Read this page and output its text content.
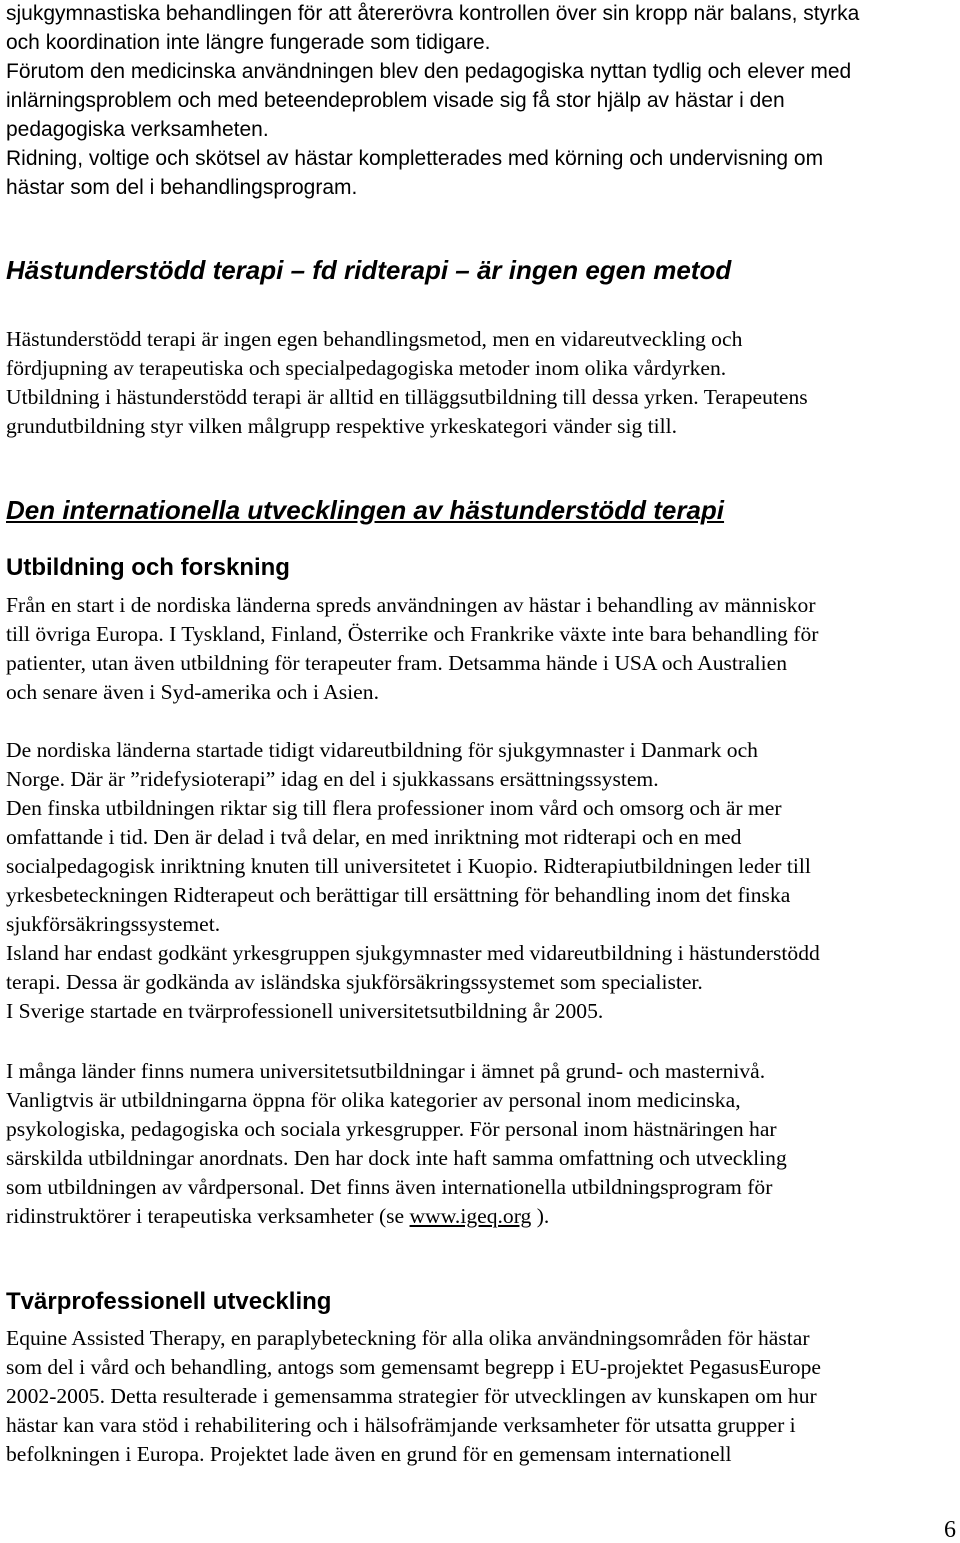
sjukgymnastiska behandlingen för att återerövra kontrollen över sin kropp när balans, styrka
och koordination inte längre fungerade som tidigare.
Förutom den medicinska användningen blev den pedagogiska nyttan tydlig och elever med
inlärningsproblem och med beteendeproblem visade sig få stor hjälp av hästar i den
pedagogiska verksamheten.
Ridning, voltige och skötsel av hästar kompletterades med körning och undervisning om
hästar som del i behandlingsprogram.
Hästunderstödd terapi – fd ridterapi – är ingen egen metod
Hästunderstödd terapi är ingen egen behandlingsmetod, men en vidareutveckling och
fördjupning av terapeutiska och specialpedagogiska metoder inom olika vårdyrken.
Utbildning i hästunderstödd terapi är alltid en tilläggsutbildning till dessa yrken. Terapeutens
grundutbildning styr vilken målgrupp respektive yrkeskategori vänder sig till.
Den internationella utvecklingen av hästunderstödd terapi
Utbildning och forskning
Från en start i de nordiska länderna spreds användningen av hästar i behandling av människor
till övriga Europa. I Tyskland, Finland, Österrike och Frankrike växte inte bara behandling för
patienter, utan även utbildning för terapeuter fram. Detsamma hände i USA och Australien
och senare även i Syd-amerika och i Asien.
De nordiska länderna startade tidigt vidareutbildning för sjukgymnaster i Danmark och
Norge. Där är ”ridefysioterapi” idag en del i sjukkassans ersättningssystem.
Den finska utbildningen riktar sig till flera professioner inom vård och omsorg och är mer
omfattande i tid. Den är delad i två delar, en med inriktning mot ridterapi och en med
socialpedagogisk inriktning knuten till universitetet i Kuopio. Ridterapiutbildningen leder till
yrkesbeteckningen Ridterapeut och berättigar till ersättning för behandling inom det finska
sjukförsäkringssystemet.
Island har endast godkänt yrkesgruppen sjukgymnaster med vidareutbildning i hästunderstödd
terapi. Dessa är godkända av isländska sjukförsäkringssystemet som specialister.
I Sverige startade en tvärprofessionell universitetsutbildning år 2005.
I många länder finns numera universitetsutbildningar i ämnet på grund- och masternivå.
Vanligtvis är utbildningarna öppna för olika kategorier av personal inom medicinska,
psykologiska, pedagogiska och sociala yrkesgrupper. För personal inom hästnäringen har
särskilda utbildningar anordnats. Den har dock inte haft samma omfattning och utveckling
som utbildningen av vårdpersonal. Det finns även internationella utbildningsprogram för
ridinstruktörer i terapeutiska verksamheter (se www.igeq.org ).
Tvärprofessionell utveckling
Equine Assisted Therapy, en paraplybeteckning för alla olika användningsområden för hästar
som del i vård och behandling, antogs som gemensamt begrepp i EU-projektet PegasusEurope
2002-2005. Detta resulterade i gemensamma strategier för utvecklingen av kunskapen om hur
hästar kan vara stöd i rehabilitering och i hälsofrämjande verksamheter för utsatta grupper i
befolkningen i Europa. Projektet lade även en grund för en gemensam internationell
6
